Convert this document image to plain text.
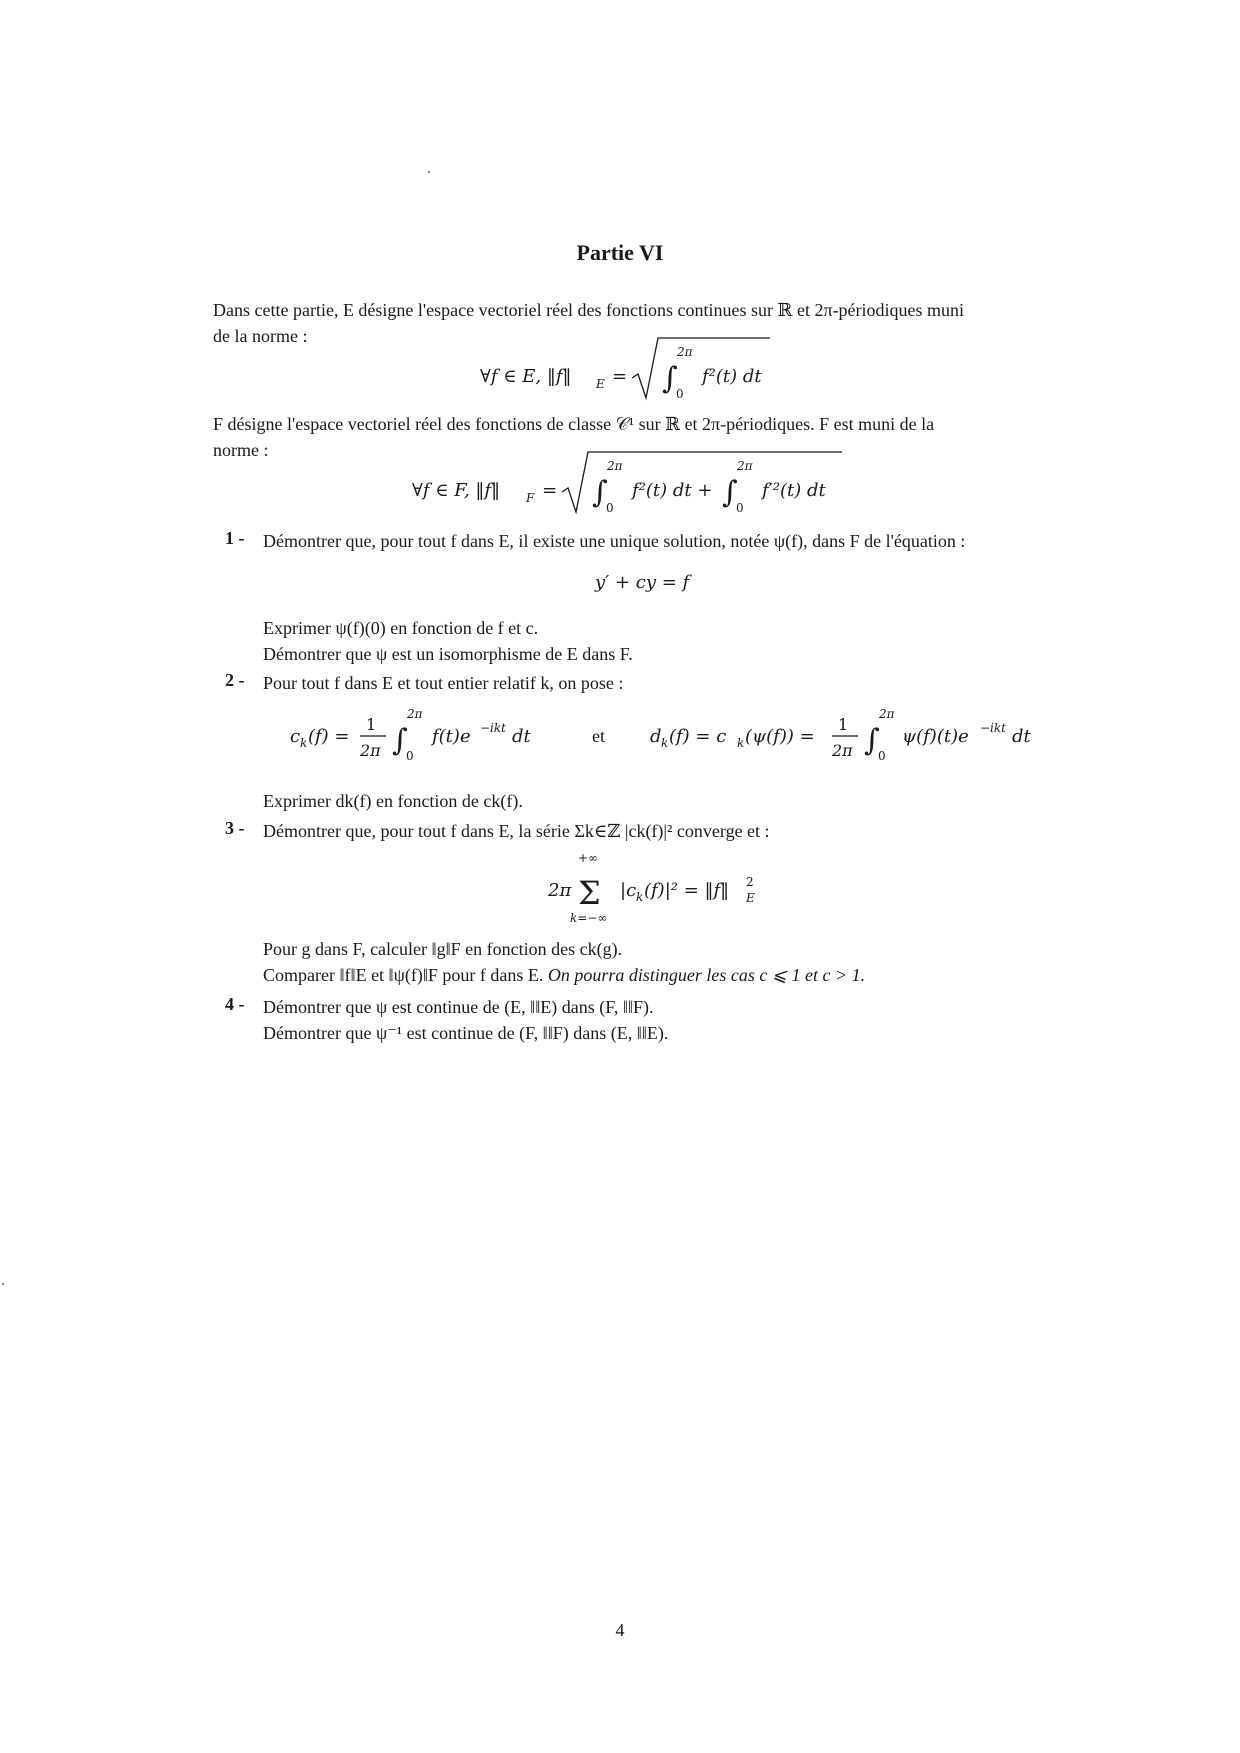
Partie VI
Dans cette partie, E désigne l'espace vectoriel réel des fonctions continues sur ℝ et 2π-périodiques muni
de la norme :
∀f ∈ E, ‖f‖ E = ∫
2π
0
f²(t) dt
F désigne l'espace vectoriel réel des fonctions de classe 𝒞¹ sur ℝ et 2π-périodiques. F est muni de la
norme :
∀f ∈ F, ‖f‖ F = ∫
2π
0
f²(t) dt + ∫
2π
0
f′²(t) dt
1 - Démontrer que, pour tout f dans E, il existe une unique solution, notée ψ(f), dans F de l'équation :
y′ + cy = f
Exprimer ψ(f)(0) en fonction de f et c.
Démontrer que ψ est un isomorphisme de E dans F.
2 - Pour tout f dans E et tout entier relatif k, on pose :
c k (f) =
1
2π ∫
2π
0
f(t)e −ikt dt	et	d k (f) = c k (ψ(f)) =
1
2π ∫
2π
0
ψ(f)(t)e −ikt dt
Exprimer dk(f) en fonction de ck(f).
3 - Démontrer que, pour tout f dans E, la série Σk∈ℤ |ck(f)|² converge et :
2π
+∞
Σ
k=−∞
|c k (f)|² = ‖f‖ 2
E
Pour g dans F, calculer ‖g‖F en fonction des ck(g).
Comparer ‖f‖E et ‖ψ(f)‖F pour f dans E. On pourra distinguer les cas c ⩽ 1 et c > 1.
4 - Démontrer que ψ est continue de (E, ‖‖E) dans (F, ‖‖F).
Démontrer que ψ⁻¹ est continue de (F, ‖‖F) dans (E, ‖‖E).
4
